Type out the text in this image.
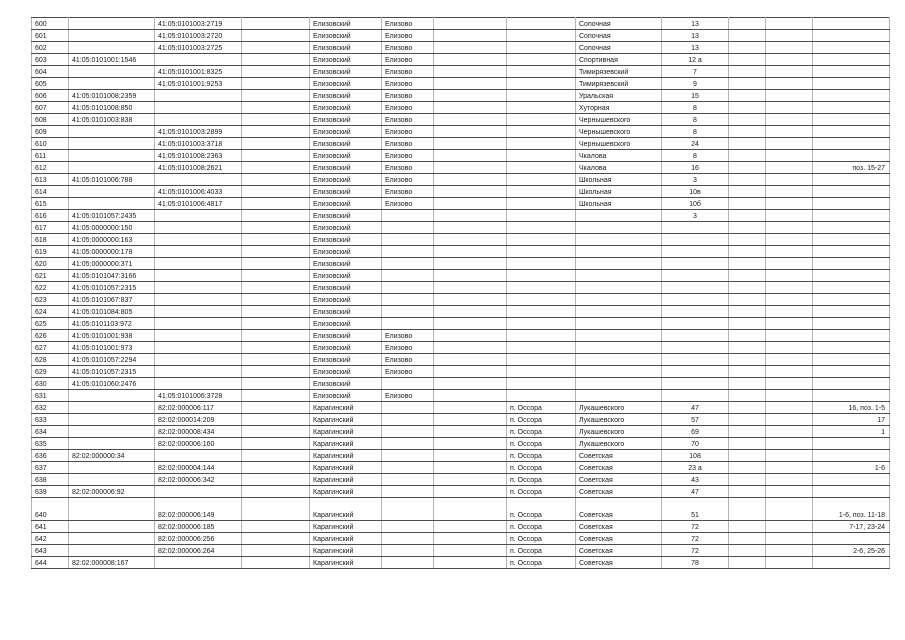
600		41:05:0101003:2719		Елизовский	Елизово			Сопочная	13			
601		41:05:0101003:2720		Елизовский	Елизово			Сопочная	13			
602		41:05:0101003:2725		Елизовский	Елизово			Сопочная	13			
603	41:05:0101001:1546			Елизовский	Елизово			Спортивная	12 а			
604		41:05:0101001:8325		Елизовский	Елизово			Тимирязевский	7			
605		41:05:0101001:9253		Елизовский	Елизово			Тимирязевский	9			
606	41:05:0101008:2359			Елизовский	Елизово			Уральская	15			
607	41:05:0101008:850			Елизовский	Елизово			Хуторная	8			
608	41:05:0101003:838			Елизовский	Елизово			Чернышевского	8			
609		41:05:0101003:2899		Елизовский	Елизово			Чернышевского	8			
610		41:05:0101003:3718		Елизовский	Елизово			Чернышевского	24			
611		41:05:0101008:2363		Елизовский	Елизово			Чкалова	8			
612		41:05:0101008:2621		Елизовский	Елизово			Чкалова	16			поз. 15-27
613	41:05:0101006:788			Елизовский	Елизово			Школьная	3			
614		41:05:0101006:4033		Елизовский	Елизово			Школьная	10в			
615		41:05:0101006:4817		Елизовский	Елизово			Школьная	10б			
616	41:05:0101057:2435			Елизовский					3			
617	41:05:0000000:150			Елизовский								
618	41:05:0000000:163			Елизовский								
619	41:05:0000000:178			Елизовский								
620	41:05:0000000:371			Елизовский								
621	41:05:0101047:3166			Елизовский								
622	41:05:0101057:2315			Елизовский								
623	41:05:0101067:837			Елизовский								
624	41:05:0101084:805			Елизовский								
625	41:05:0101103:972			Елизовский								
626	41:05:0101001:938			Елизовский	Елизово							
627	41:05:0101001:973			Елизовский	Елизово							
628	41:05:0101057:2294			Елизовский	Елизово							
629	41:05:0101057:2315			Елизовский	Елизово							
630	41:05:0101060:2476			Елизовский								
631		41:05:0101006:3728		Елизовский	Елизово							
632		82:02:000006:117		Карагинский			п. Оссора	Лукашевского	47			16, поз. 1-5
633		82:02:000014:209		Карагинский			п. Оссора	Лукашевского	57			17
634		82:02:000008:434		Карагинский			п. Оссора	Лукашевского	69			1
635		82:02:000006:160		Карагинский			п. Оссора	Лукашевского	70			
636	82:02:000000:34			Карагинский			п. Оссора	Советская	108			
637		82:02:000004:144		Карагинский			п. Оссора	Советская	23 а			1-6
638		82:02:000006:342		Карагинский			п. Оссора	Советская	43			
639	82:02:000006:92			Карагинский			п. Оссора	Советская	47			
640		82:02:000006:149		Карагинский			п. Оссора	Советская	51			1-6, поз. 11-18
641		82:02:000006:185		Карагинский			п. Оссора	Советская	72			7-17, 23-24
642		82:02:000006:256		Карагинский			п. Оссора	Советская	72			
643		82:02:000006:264		Карагинский			п. Оссора	Советская	72			2-6, 25-26
644	82:02:000008:167			Карагинский			п. Оссора	Советская	78			
